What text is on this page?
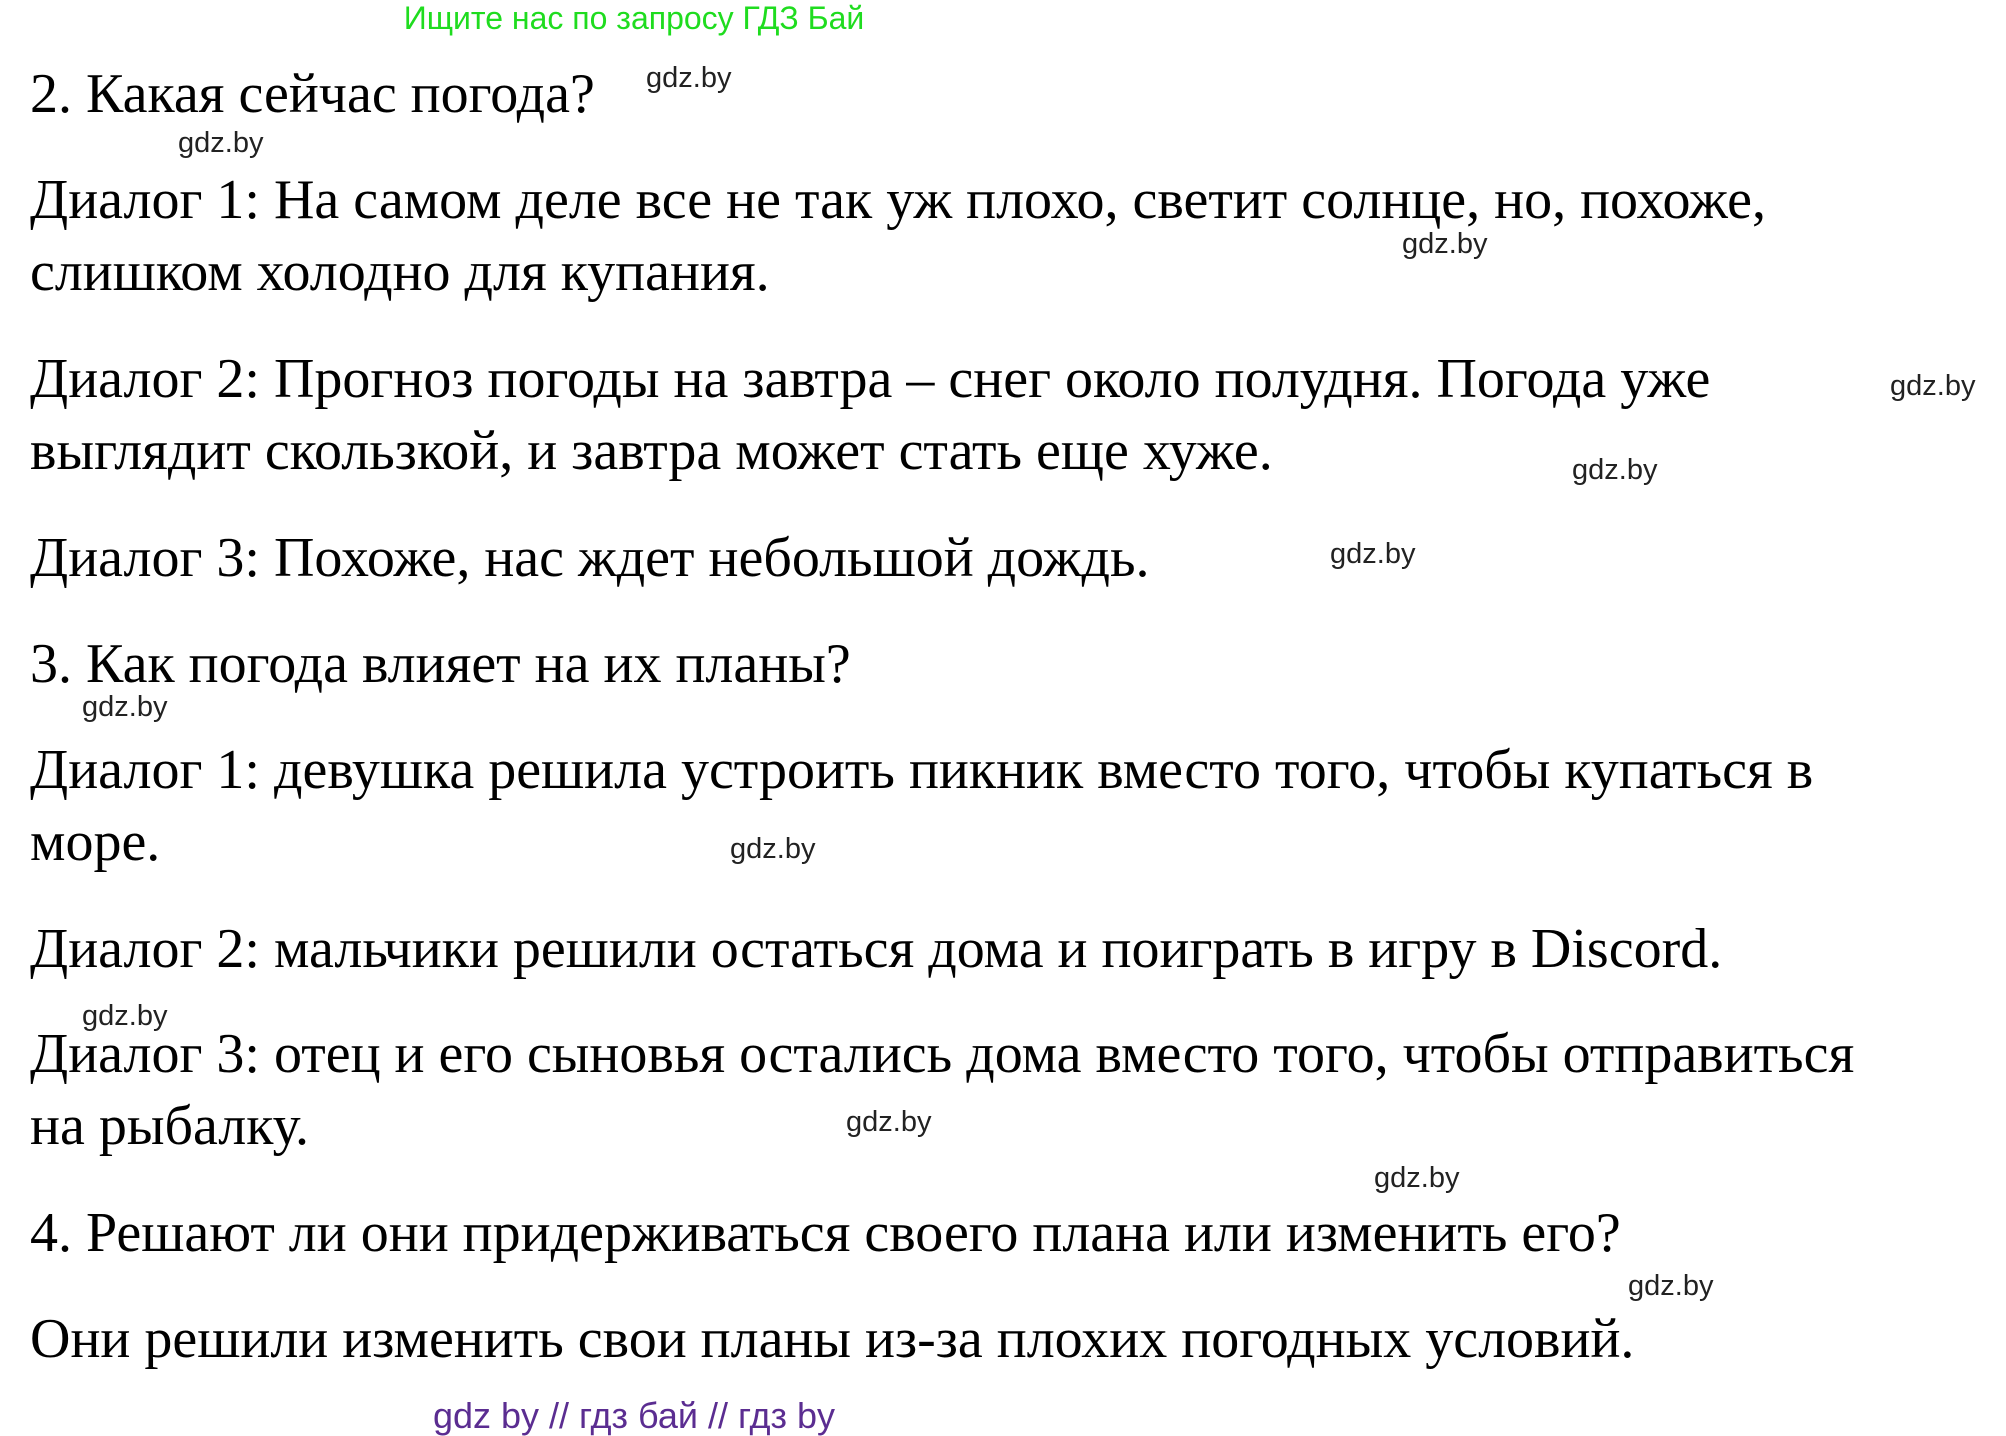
Ищите нас по запросу ГДЗ Бай

2. Какая сейчас погода?

Диалог 1: На самом деле все не так уж плохо, светит солнце, но, похоже,

слишком холодно для купания.

Диалог 2: Прогноз погоды на завтра – снег около полудня. Погода уже

выглядит скользкой, и завтра может стать еще хуже.

Диалог 3: Похоже, нас ждет небольшой дождь.

3. Как погода влияет на их планы?

Диалог 1: девушка решила устроить пикник вместо того, чтобы купаться в

море.

Диалог 2: мальчики решили остаться дома и поиграть в игру в Discord.

Диалог 3: отец и его сыновья остались дома вместо того, чтобы отправиться

на рыбалку.

4. Решают ли они придерживаться своего плана или изменить его?

Они решили изменить свои планы из-за плохих погодных условий.

gdz.by
gdz.by
gdz.by
gdz.by
gdz.by
gdz.by
gdz.by
gdz.by
gdz.by
gdz.by
gdz.by
gdz.by
gdz by // гдз бай // гдз by
